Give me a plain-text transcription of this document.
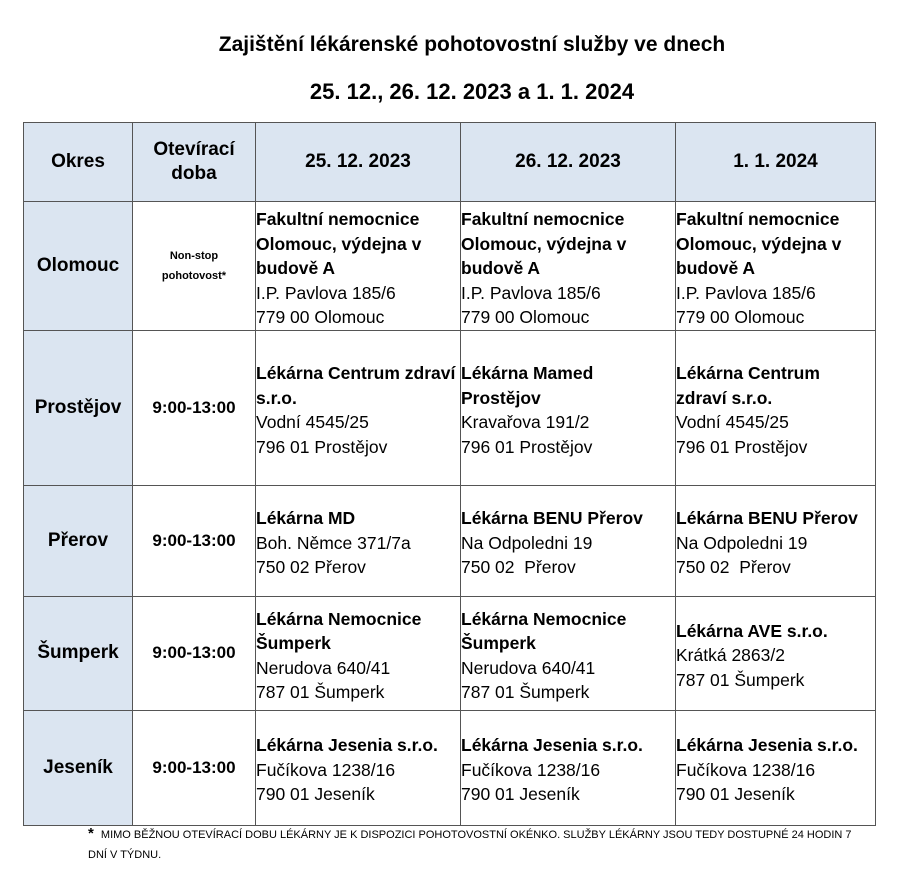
Zajištění lékárenské pohotovostní služby ve dnech
25. 12., 26. 12. 2023 a 1. 1. 2024
Okres	Otevírací
doba	25. 12. 2023	26. 12. 2023	1. 1. 2024
Olomouc	Non-stop
pohotovost*	Fakultní nemocnice Olomouc, výdejna v budově A
I.P. Pavlova 185/6
779 00 Olomouc	Fakultní nemocnice Olomouc, výdejna v budově A
I.P. Pavlova 185/6
779 00 Olomouc	Fakultní nemocnice Olomouc, výdejna v budově A
I.P. Pavlova 185/6
779 00 Olomouc

Prostějov	9:00-13:00	Lékárna Centrum zdraví s.r.o.
Vodní 4545/25
796 01 Prostějov	Lékárna Mamed Prostějov
Kravařova 191/2
796 01 Prostějov	Lékárna Centrum zdraví s.r.o.
Vodní 4545/25
796 01 Prostějov

Přerov	9:00-13:00	Lékárna MD
Boh. Němce 371/7a
750 02 Přerov	Lékárna BENU Přerov
Na Odpoledni 19
750 02  Přerov	Lékárna BENU Přerov
Na Odpoledni 19
750 02  Přerov

Šumperk	9:00-13:00	Lékárna Nemocnice Šumperk
Nerudova 640/41
787 01 Šumperk	Lékárna Nemocnice Šumperk
Nerudova 640/41
787 01 Šumperk	Lékárna AVE s.r.o.
Krátká 2863/2
787 01 Šumperk

Jeseník	9:00-13:00	Lékárna Jesenia s.r.o.
Fučíkova 1238/16
790 01 Jeseník	Lékárna Jesenia s.r.o.
Fučíkova 1238/16
790 01 Jeseník	Lékárna Jesenia s.r.o.
Fučíkova 1238/16
790 01 Jeseník
* MIMO BĚŽNOU OTEVÍRACÍ DOBU LÉKÁRNY JE K DISPOZICI POHOTOVOSTNÍ OKÉNKO. SLUŽBY LÉKÁRNY JSOU TEDY DOSTUPNÉ 24 HODIN 7 DNÍ V TÝDNU.
